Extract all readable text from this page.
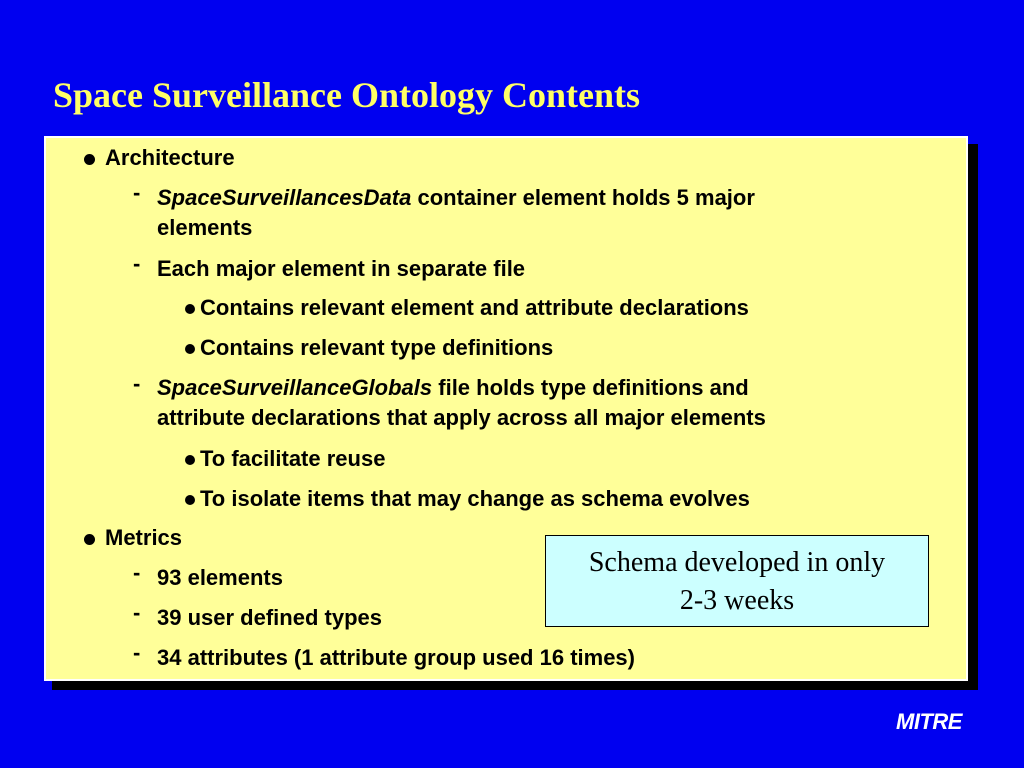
Space Surveillance Ontology Contents
Architecture
- SpaceSurveillancesData container element holds 5 major
elements
- Each major element in separate file
Contains relevant element and attribute declarations
Contains relevant type definitions
- SpaceSurveillanceGlobals file holds type definitions and
attribute declarations that apply across all major elements
To facilitate reuse
To isolate items that may change as schema evolves
Metrics
- 93 elements
- 39 user defined types
- 34 attributes (1 attribute group used 16 times)
Schema developed in only
2-3 weeks
MITRE
